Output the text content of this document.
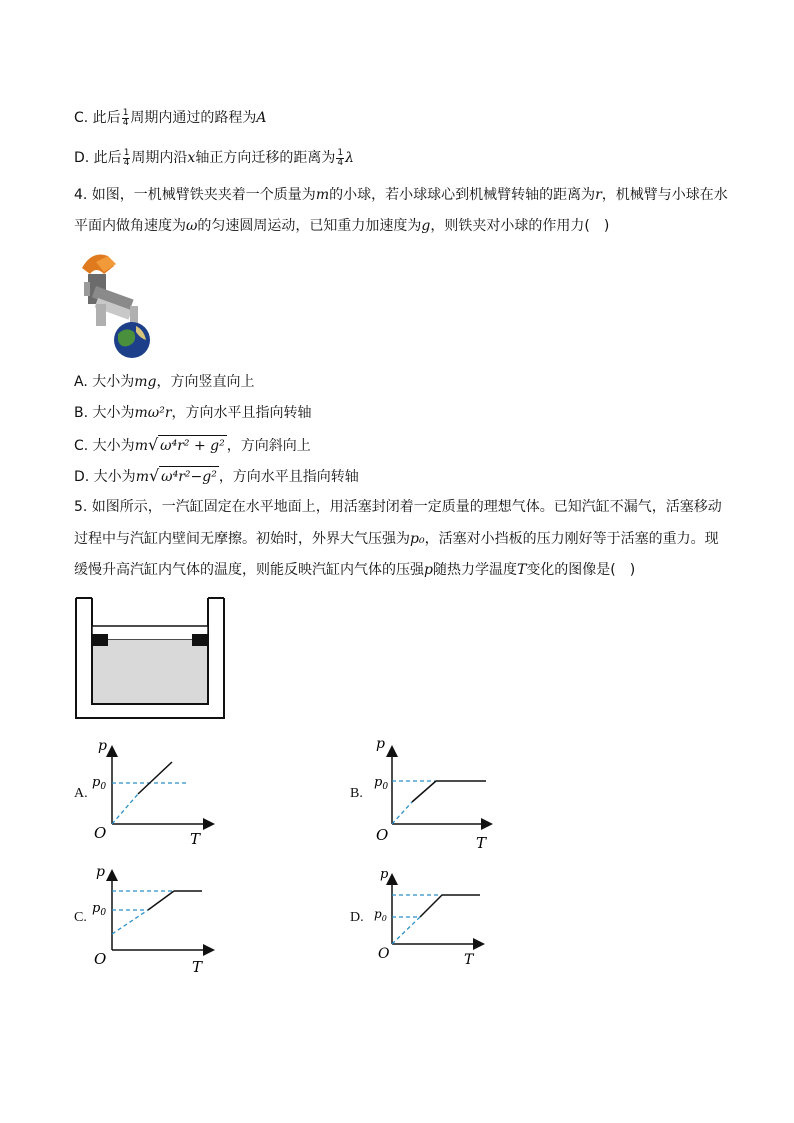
C. 此后 $\frac{1}{4}$ 周期内通过的路程为A
D. 此后 $\frac{1}{4}$ 周期内沿x轴正方向迁移的距离为 $\frac{1}{4}$ λ
4. 如图，一机械臂铁夹夹着一个质量为m的小球，若小球球心到机械臂转轴的距离为r，机械臂与小球在水
平面内做角速度为ω的匀速圆周运动，已知重力加速度为g，则铁夹对小球的作用力(　)
A. 大小为mg，方向竖直向上
B. 大小为mω²r，方向水平且指向转轴
C. 大小为m√ ω⁴r² + g² ，方向斜向上
D. 大小为m√ ω⁴r²−g² ，方向水平且指向转轴
5. 如图所示，一汽缸固定在水平地面上，用活塞封闭着一定质量的理想气体。已知汽缸不漏气，活塞移动
过程中与汽缸内壁间无摩擦。初始时，外界大气压强为p₀，活塞对小挡板的压力刚好等于活塞的重力。现
缓慢升高汽缸内气体的温度，则能反映汽缸内气体的压强p随热力学温度T变化的图像是(　)
A.
p
T
O
$p_0$	B.
p
T
O
$p_0$
C.
p
T
O
$p_0$	D.
p
T
O
$p_0$
